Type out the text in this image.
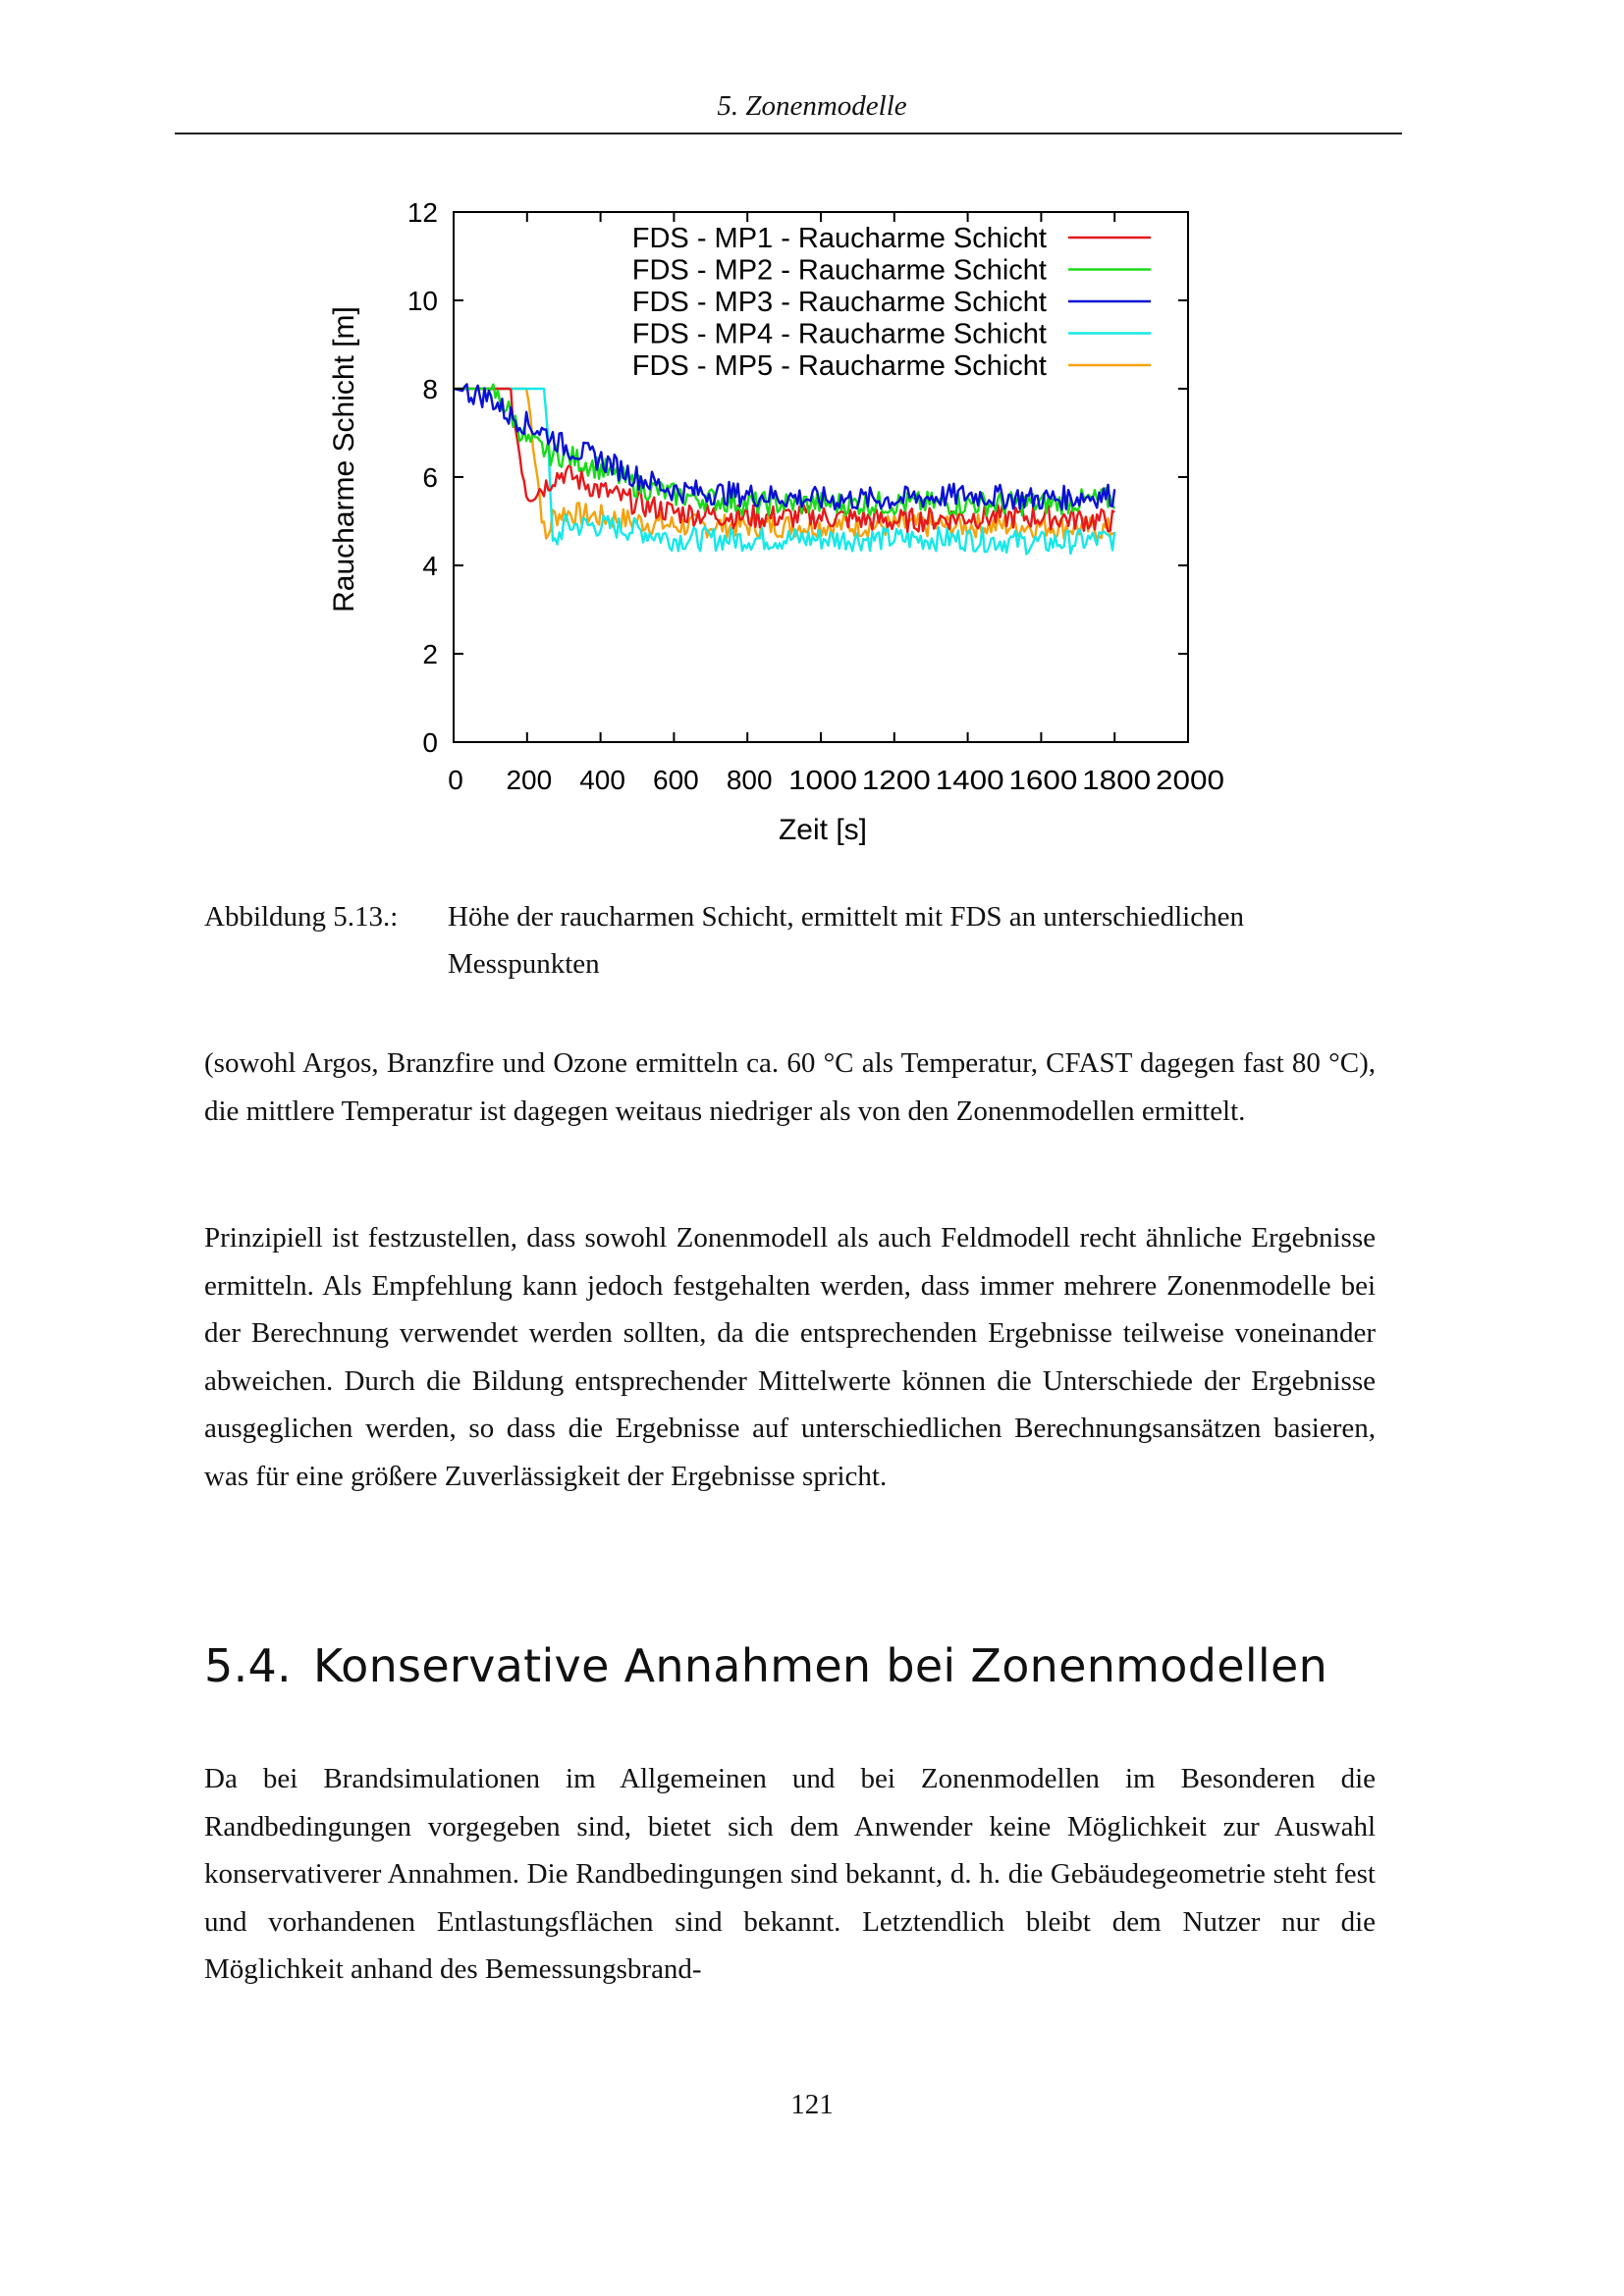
5. Zonenmodelle
0
2
4
6
8
10
12
0 200 400 600 800 1000 1200 1400 1600 1800 2000
Zeit [s]
Raucharme Schicht [m]
FDS - MP1 - Raucharme Schicht
FDS - MP2 - Raucharme Schicht
FDS - MP3 - Raucharme Schicht
FDS - MP4 - Raucharme Schicht
FDS - MP5 - Raucharme Schicht
Abbildung 5.13.: Höhe der raucharmen Schicht, ermittelt mit FDS an unterschiedlichen Messpunkten

(sowohl Argos, Branzfire und Ozone ermitteln ca. 60 °C als Temperatur, CFAST dagegen fast 80 °C), die mittlere Temperatur ist dagegen weitaus niedriger als von den Zonenmodellen ermittelt.

Prinzipiell ist festzustellen, dass sowohl Zonenmodell als auch Feldmodell recht ähnliche Ergebnisse ermitteln. Als Empfehlung kann jedoch festgehalten werden, dass immer mehrere Zonenmodelle bei der Berechnung verwendet werden sollten, da die entsprechenden Ergebnisse teilweise voneinander abweichen. Durch die Bildung entsprechender Mittelwerte können die Unterschiede der Ergebnisse ausgeglichen werden, so dass die Ergebnisse auf unterschiedlichen Berechnungsansätzen basieren, was für eine größere Zuverlässigkeit der Ergebnisse spricht.

5.4. Konservative Annahmen bei Zonenmodellen

Da bei Brandsimulationen im Allgemeinen und bei Zonenmodellen im Besonderen die Randbedingungen vorgegeben sind, bietet sich dem Anwender keine Möglichkeit zur Auswahl konservativerer Annahmen. Die Randbedingungen sind bekannt, d. h. die Gebäudegeometrie steht fest und vorhandenen Entlastungsflächen sind bekannt. Letztendlich bleibt dem Nutzer nur die Möglichkeit anhand des Bemessungsbrand-

121
